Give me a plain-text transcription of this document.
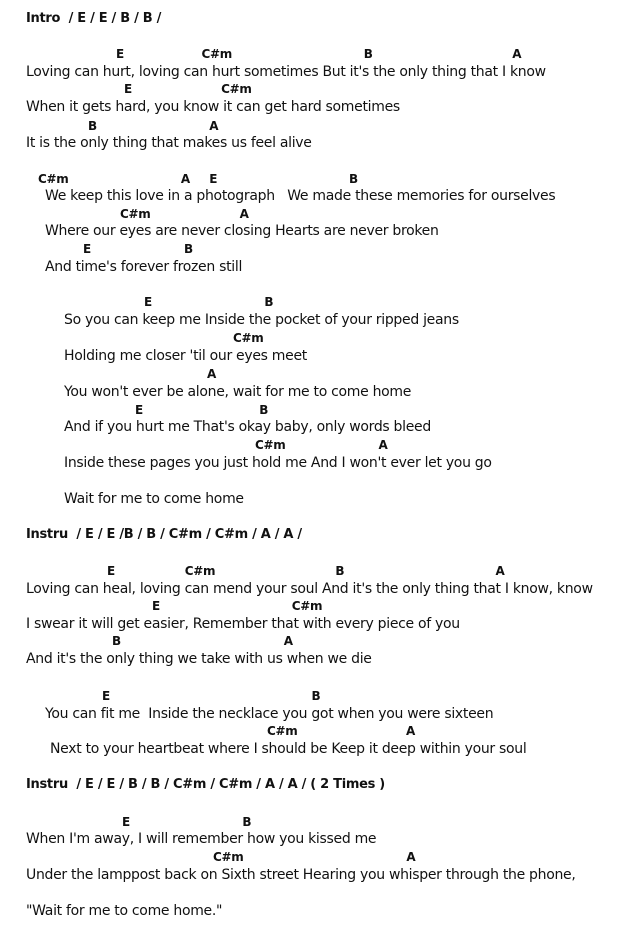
Intro  / E / E / B / B /
E                    C#m                                  B                                    A
Loving can hurt, loving can hurt sometimes But it's the only thing that I know
E                       C#m
When it gets hard, you know it can get hard sometimes
B                             A
It is the only thing that makes us feel alive
C#m                             A     E                                  B
We keep this love in a photograph   We made these memories for ourselves
C#m                       A
Where our eyes are never closing Hearts are never broken
E                        B
And time's forever frozen still
E                             B
So you can keep me Inside the pocket of your ripped jeans
C#m
Holding me closer 'til our eyes meet
A
You won't ever be alone, wait for me to come home
E                              B
And if you hurt me That's okay baby, only words bleed
C#m                        A
Inside these pages you just hold me And I won't ever let you go
Wait for me to come home
Instru  / E / E /B / B / C#m / C#m / A / A /
E                  C#m                               B                                       A
Loving can heal, loving can mend your soul And it's the only thing that I know, know
E                                  C#m
I swear it will get easier, Remember that with every piece of you
B                                          A
And it's the only thing we take with us when we die
E                                                    B
You can fit me  Inside the necklace you got when you were sixteen
C#m                            A
Next to your heartbeat where I should be Keep it deep within your soul
Instru  / E / E / B / B / C#m / C#m / A / A / ( 2 Times )
E                             B
When I'm away, I will remember how you kissed me
C#m                                          A
Under the lamppost back on Sixth street Hearing you whisper through the phone,
"Wait for me to come home."
